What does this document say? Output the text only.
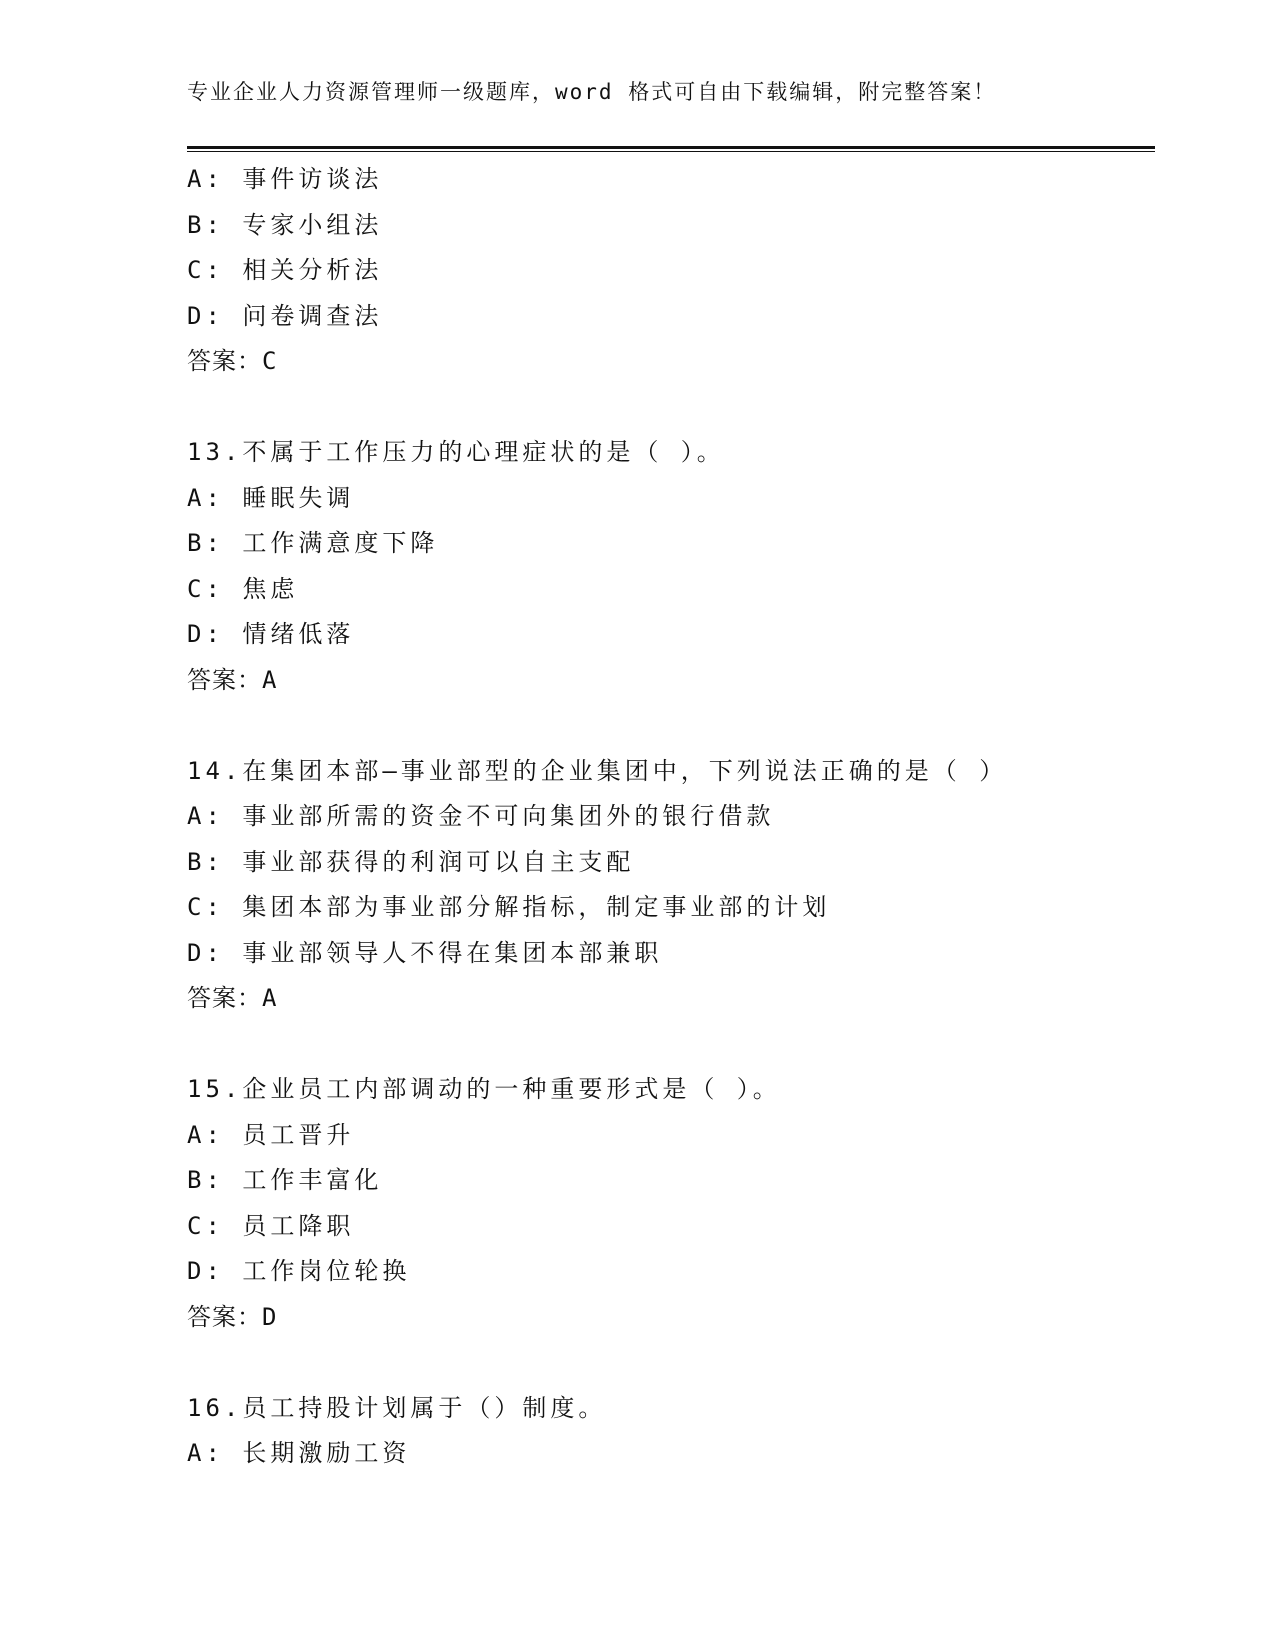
专业企业人力资源管理师一级题库，word 格式可自由下载编辑，附完整答案！
A: 事件访谈法
B: 专家小组法
C: 相关分析法
D: 问卷调查法
答案：C
13.不属于工作压力的心理症状的是（ ）。
A: 睡眠失调
B: 工作满意度下降
C: 焦虑
D: 情绪低落
答案：A
14.在集团本部—事业部型的企业集团中，下列说法正确的是（ ）
A: 事业部所需的资金不可向集团外的银行借款
B: 事业部获得的利润可以自主支配
C: 集团本部为事业部分解指标，制定事业部的计划
D: 事业部领导人不得在集团本部兼职
答案：A
15.企业员工内部调动的一种重要形式是（ ）。
A: 员工晋升
B: 工作丰富化
C: 员工降职
D: 工作岗位轮换
答案：D
16.员工持股计划属于（）制度。
A: 长期激励工资
